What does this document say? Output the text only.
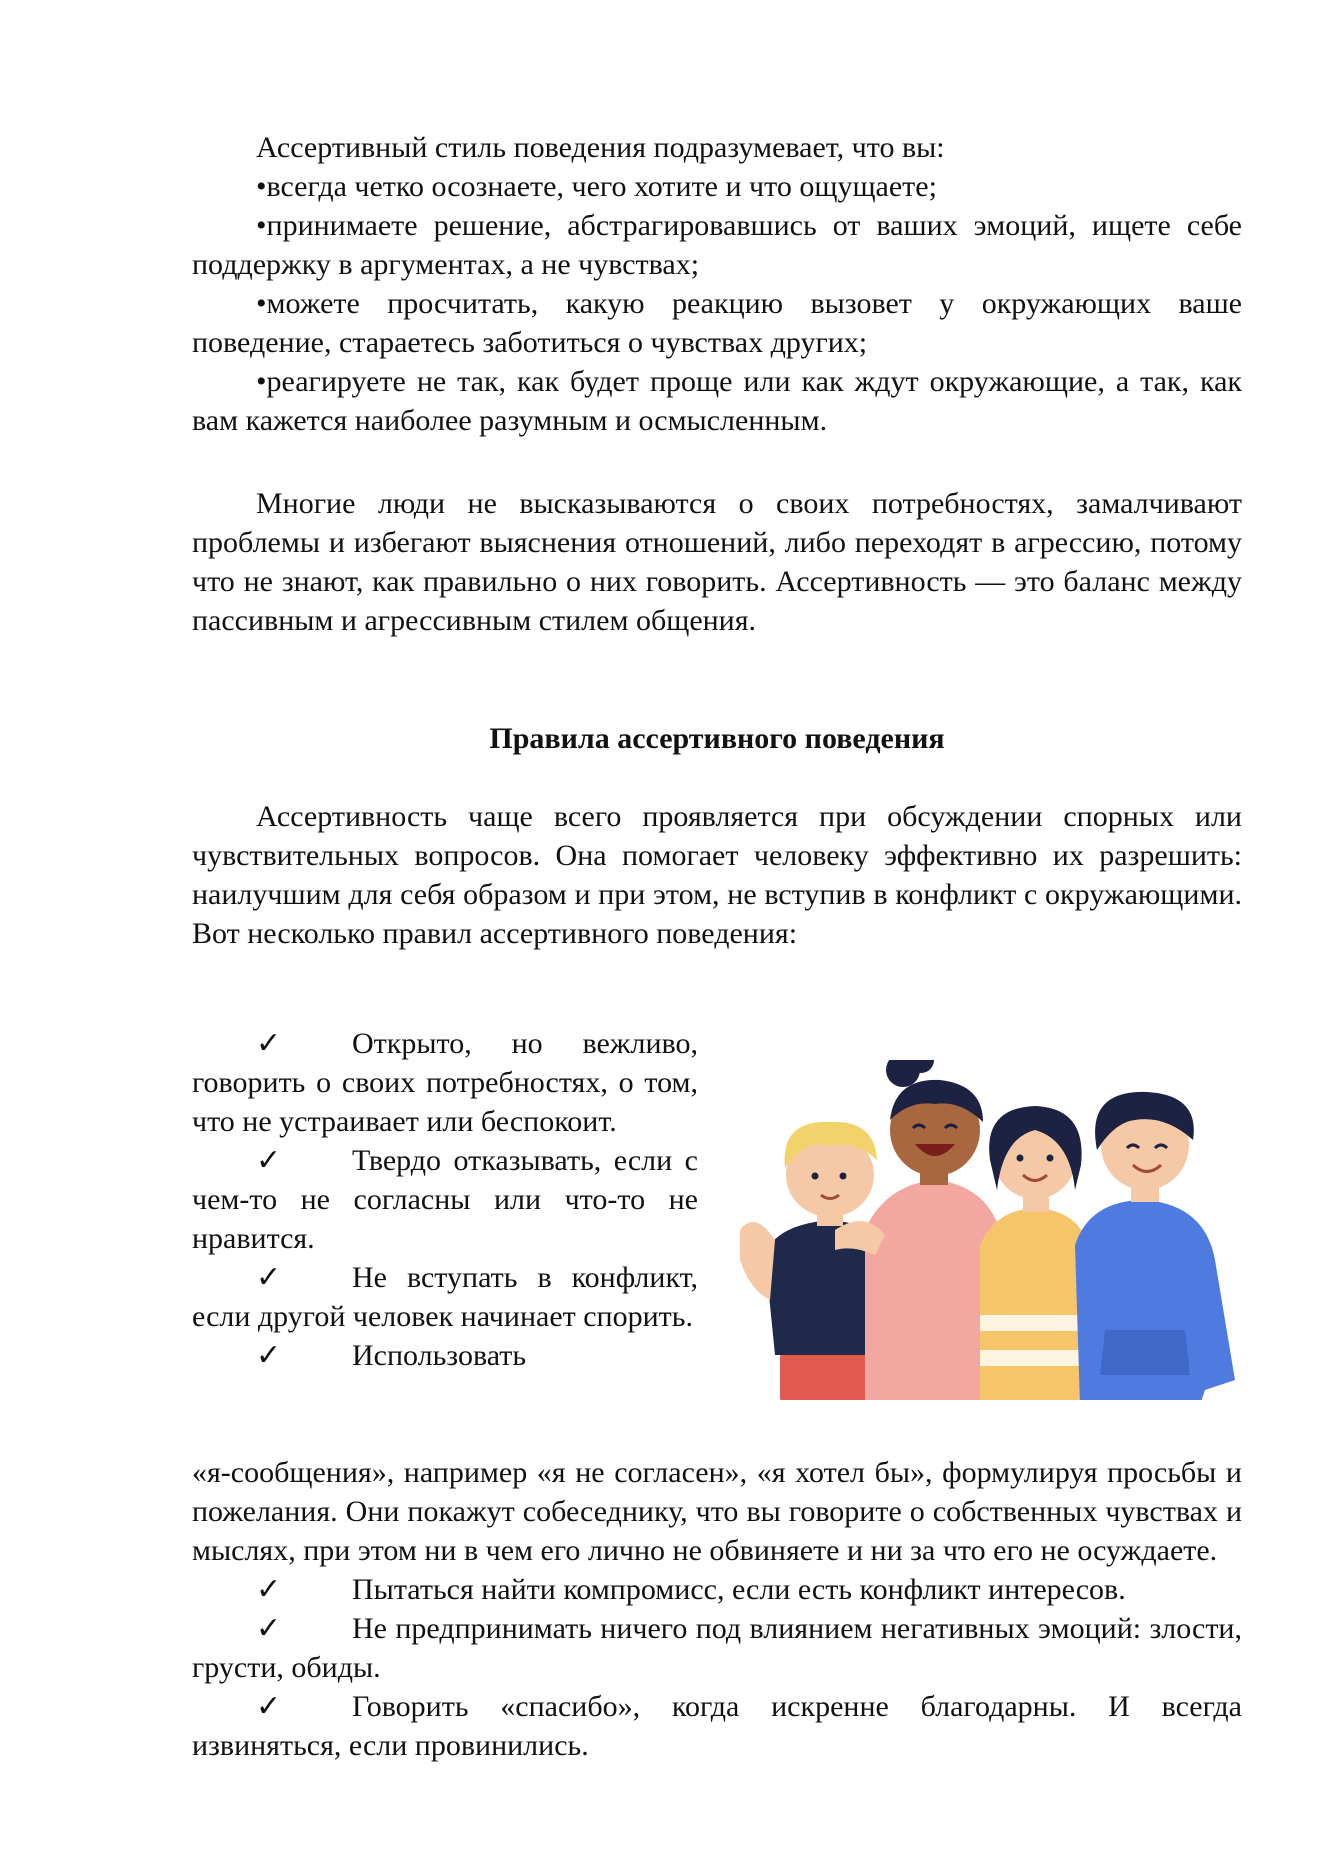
Ассертивный стиль поведения подразумевает, что вы:

•всегда четко осознаете, чего хотите и что ощущаете;

•принимаете решение, абстрагировавшись от ваших эмоций, ищете себе поддержку в аргументах, а не чувствах;

•можете просчитать, какую реакцию вызовет у окружающих ваше поведение, стараетесь заботиться о чувствах других;

•реагируете не так, как будет проще или как ждут окружающие, а так, как вам кажется наиболее разумным и осмысленным.

Многие люди не высказываются о своих потребностях, замалчивают проблемы и избегают выяснения отношений, либо переходят в агрессию, потому что не знают, как правильно о них говорить. Ассертивность — это баланс между пассивным и агрессивным стилем общения.

Правила ассертивного поведения

Ассертивность чаще всего проявляется при обсуждении спорных или чувствительных вопросов. Она помогает человеку эффективно их разрешить: наилучшим для себя образом и при этом, не вступив в конфликт с окружающими. Вот несколько правил ассертивного поведения:

✓ Открыто, но вежливо, говорить о своих потребностях, о том, что не устраивает или беспокоит.

✓ Твердо отказывать, если с чем-то не согласны или что-то не нравится.

✓ Не вступать в конфликт, если другой человек начинает спорить.

✓ Использовать

«я-сообщения», например «я не согласен», «я хотел бы», формулируя просьбы и пожелания. Они покажут собеседнику, что вы говорите о собственных чувствах и мыслях, при этом ни в чем его лично не обвиняете и ни за что его не осуждаете.

✓ Пытаться найти компромисс, если есть конфликт интересов.

✓ Не предпринимать ничего под влиянием негативных эмоций: злости, грусти, обиды.

✓ Говорить «спасибо», когда искренне благодарны. И всегда извиняться, если провинились.
